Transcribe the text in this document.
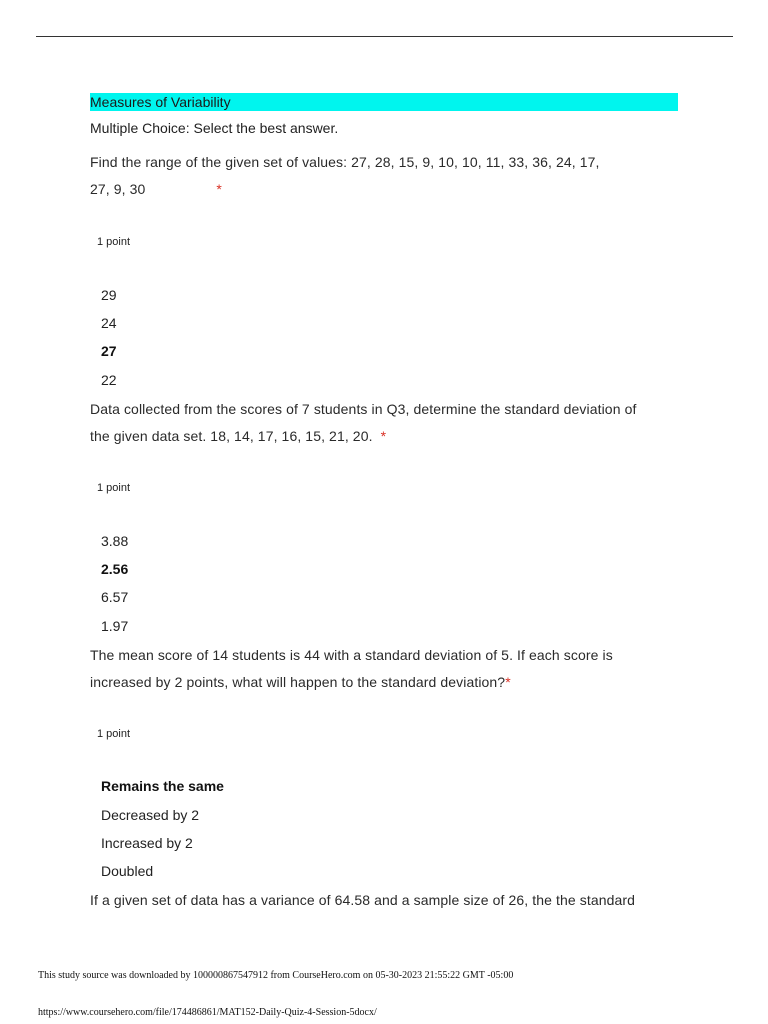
Measures of Variability
Multiple Choice: Select the best answer.
Find the range of the given set of values: 27, 28, 15, 9, 10, 10, 11, 33, 36, 24, 17,
27, 9, 30	*
1 point
29
24
27
22
Data collected from the scores of 7 students in Q3, determine the standard deviation of
the given data set. 18, 14, 17, 16, 15, 21, 20. *
1 point
3.88
2.56
6.57
1.97
The mean score of 14 students is 44 with a standard deviation of 5. If each score is
increased by 2 points, what will happen to the standard deviation?*
1 point
Remains the same
Decreased by 2
Increased by 2
Doubled
If a given set of data has a variance of 64.58 and a sample size of 26, the the standard
This study source was downloaded by 100000867547912 from CourseHero.com on 05-30-2023 21:55:22 GMT -05:00
https://www.coursehero.com/file/174486861/MAT152-Daily-Quiz-4-Session-5docx/
